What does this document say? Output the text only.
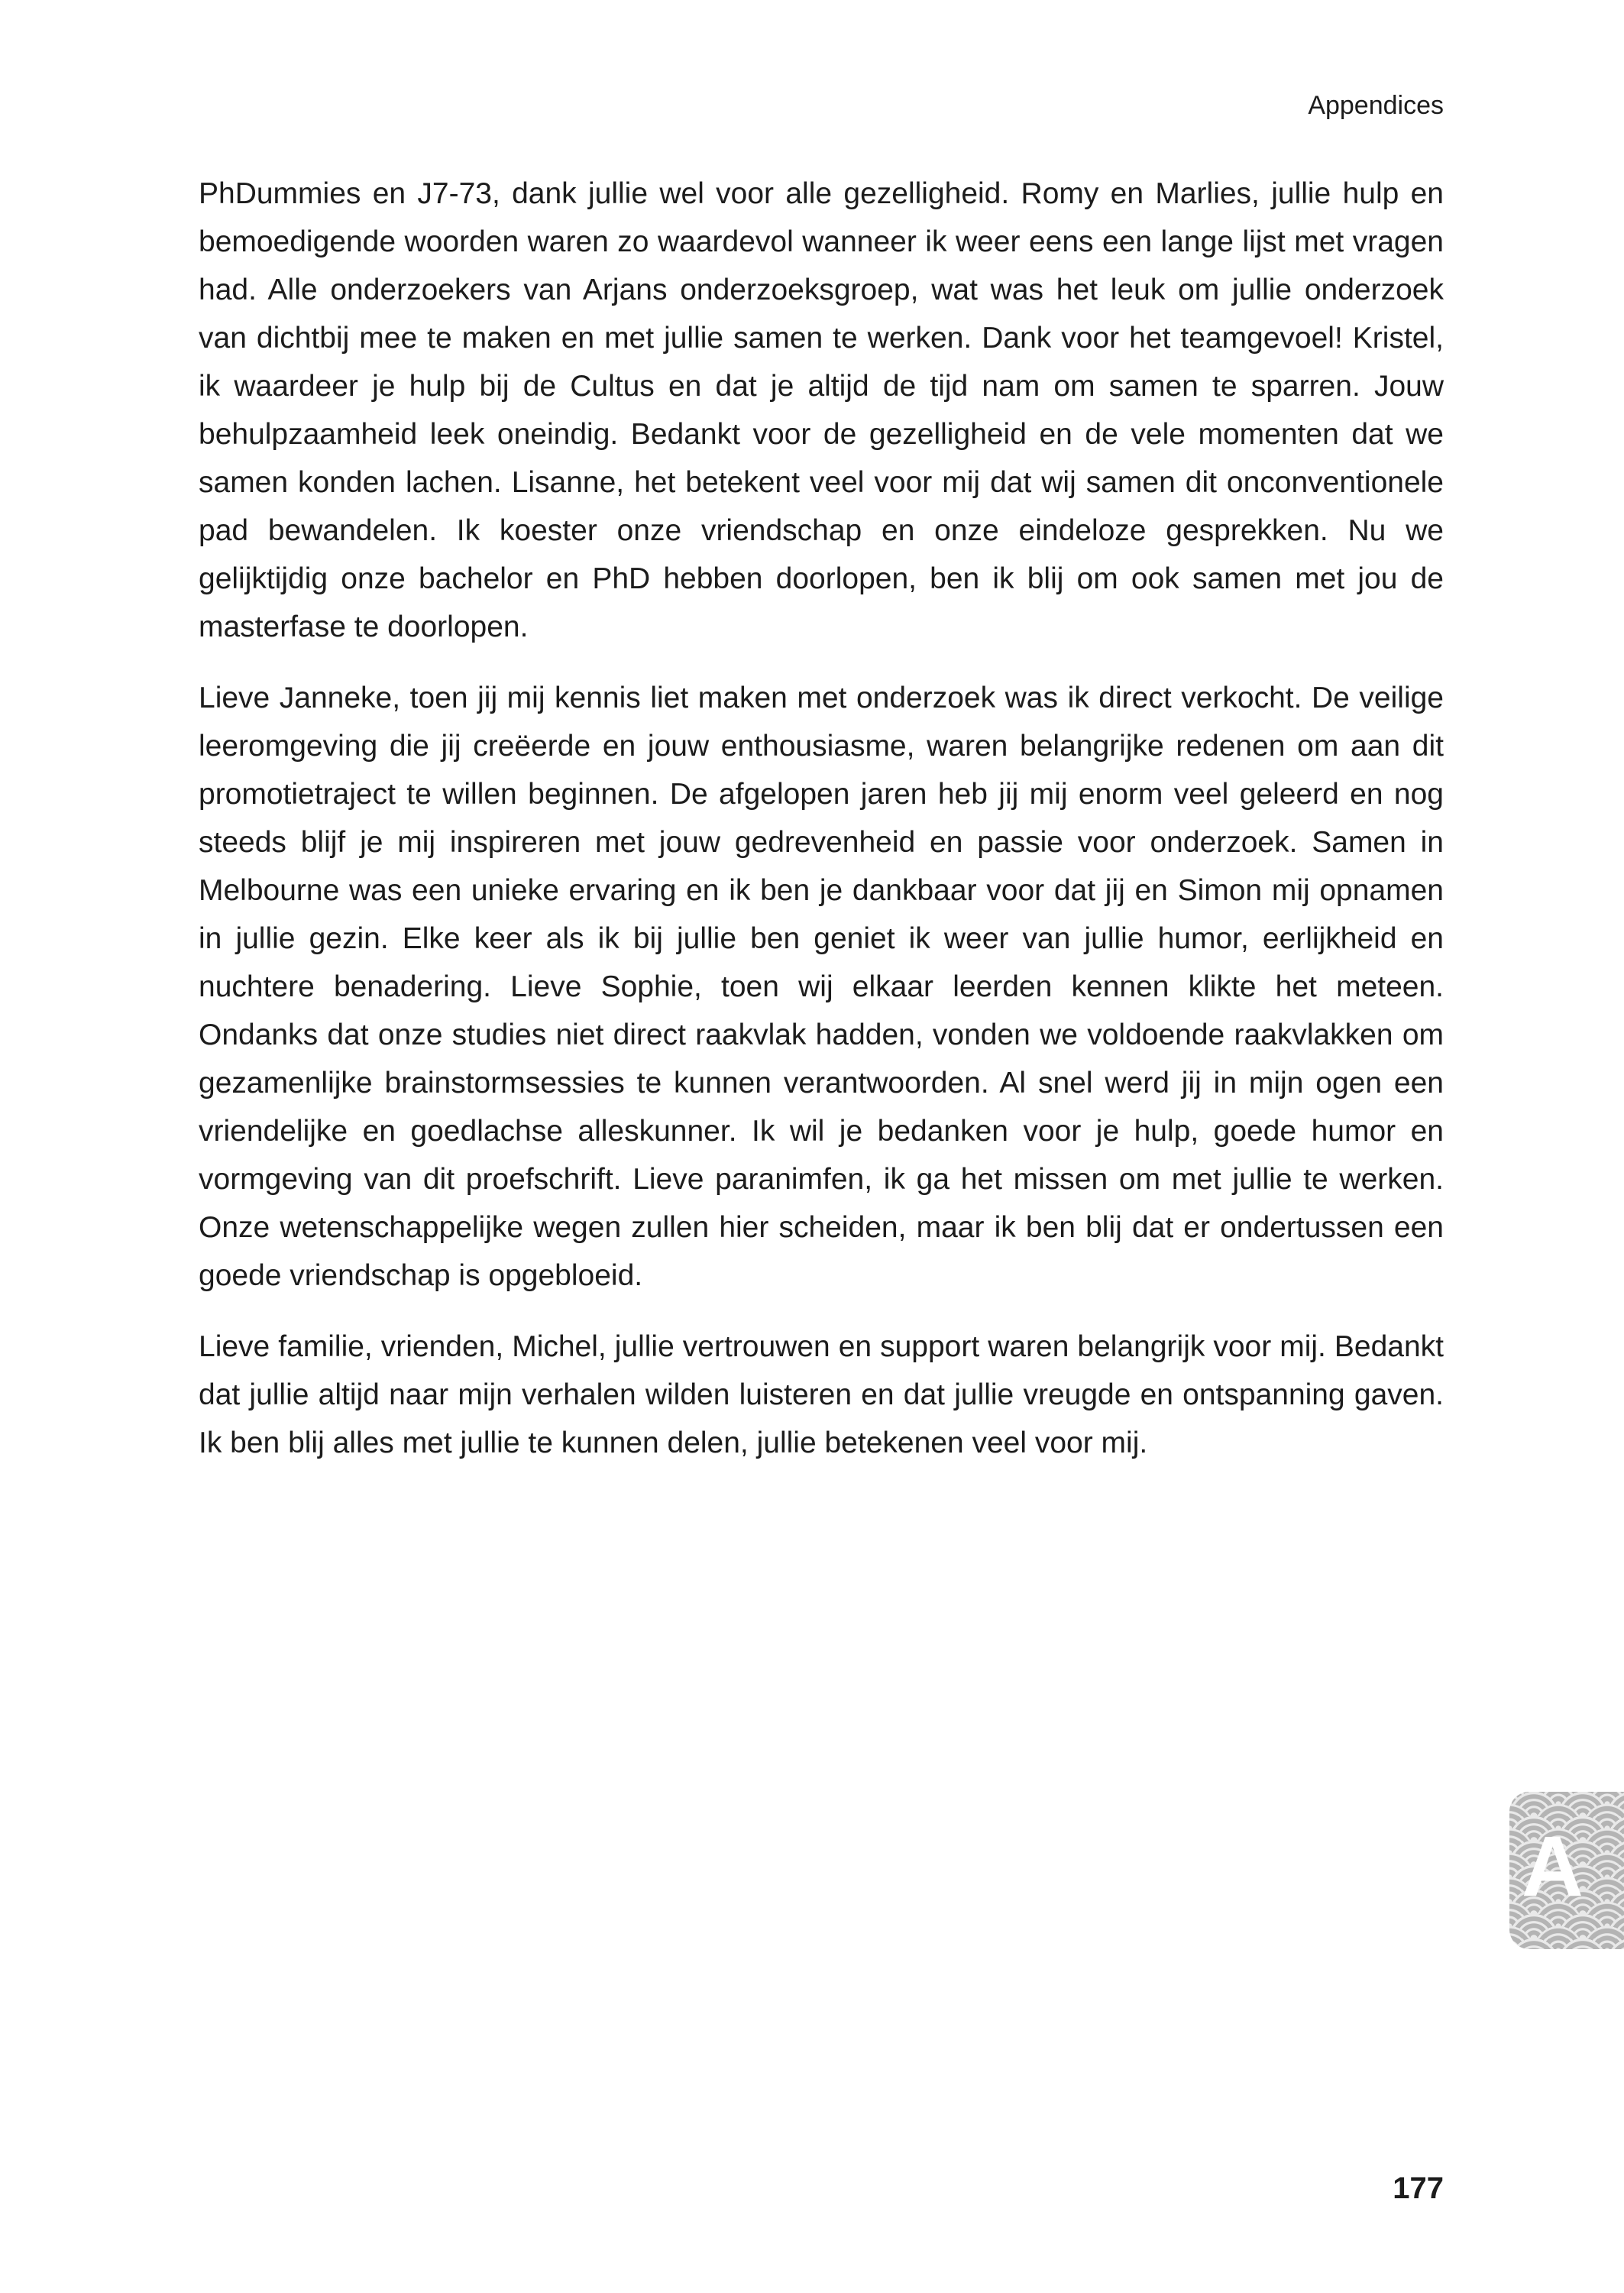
Appendices

PhDummies en J7-73, dank jullie wel voor alle gezelligheid. Romy en Marlies, jullie hulp en bemoedigende woorden waren zo waardevol wanneer ik weer eens een lange lijst met vragen had. Alle onderzoekers van Arjans onderzoeksgroep, wat was het leuk om jullie onderzoek van dichtbij mee te maken en met jullie samen te werken. Dank voor het teamgevoel! Kristel, ik waardeer je hulp bij de Cultus en dat je altijd de tijd nam om samen te sparren. Jouw behulpzaamheid leek oneindig. Bedankt voor de gezelligheid en de vele momenten dat we samen konden lachen. Lisanne, het betekent veel voor mij dat wij samen dit onconventionele pad bewandelen. Ik koester onze vriendschap en onze eindeloze gesprekken. Nu we gelijktijdig onze bachelor en PhD hebben doorlopen, ben ik blij om ook samen met jou de masterfase te doorlopen.

Lieve Janneke, toen jij mij kennis liet maken met onderzoek was ik direct verkocht. De veilige leeromgeving die jij creëerde en jouw enthousiasme, waren belangrijke redenen om aan dit promotietraject te willen beginnen. De afgelopen jaren heb jij mij enorm veel geleerd en nog steeds blijf je mij inspireren met jouw gedrevenheid en passie voor onderzoek. Samen in Melbourne was een unieke ervaring en ik ben je dankbaar voor dat jij en Simon mij opnamen in jullie gezin. Elke keer als ik bij jullie ben geniet ik weer van jullie humor, eerlijkheid en nuchtere benadering. Lieve Sophie, toen wij elkaar leerden kennen klikte het meteen. Ondanks dat onze studies niet direct raakvlak hadden, vonden we voldoende raakvlakken om gezamenlijke brainstormsessies te kunnen verantwoorden. Al snel werd jij in mijn ogen een vriendelijke en goedlachse alleskunner. Ik wil je bedanken voor je hulp, goede humor en vormgeving van dit proefschrift. Lieve paranimfen, ik ga het missen om met jullie te werken. Onze wetenschappelijke wegen zullen hier scheiden, maar ik ben blij dat er ondertussen een goede vriendschap is opgebloeid.

Lieve familie, vrienden, Michel, jullie vertrouwen en support waren belangrijk voor mij. Bedankt dat jullie altijd naar mijn verhalen wilden luisteren en dat jullie vreugde en ontspanning gaven. Ik ben blij alles met jullie te kunnen delen, jullie betekenen veel voor mij.

A
177
